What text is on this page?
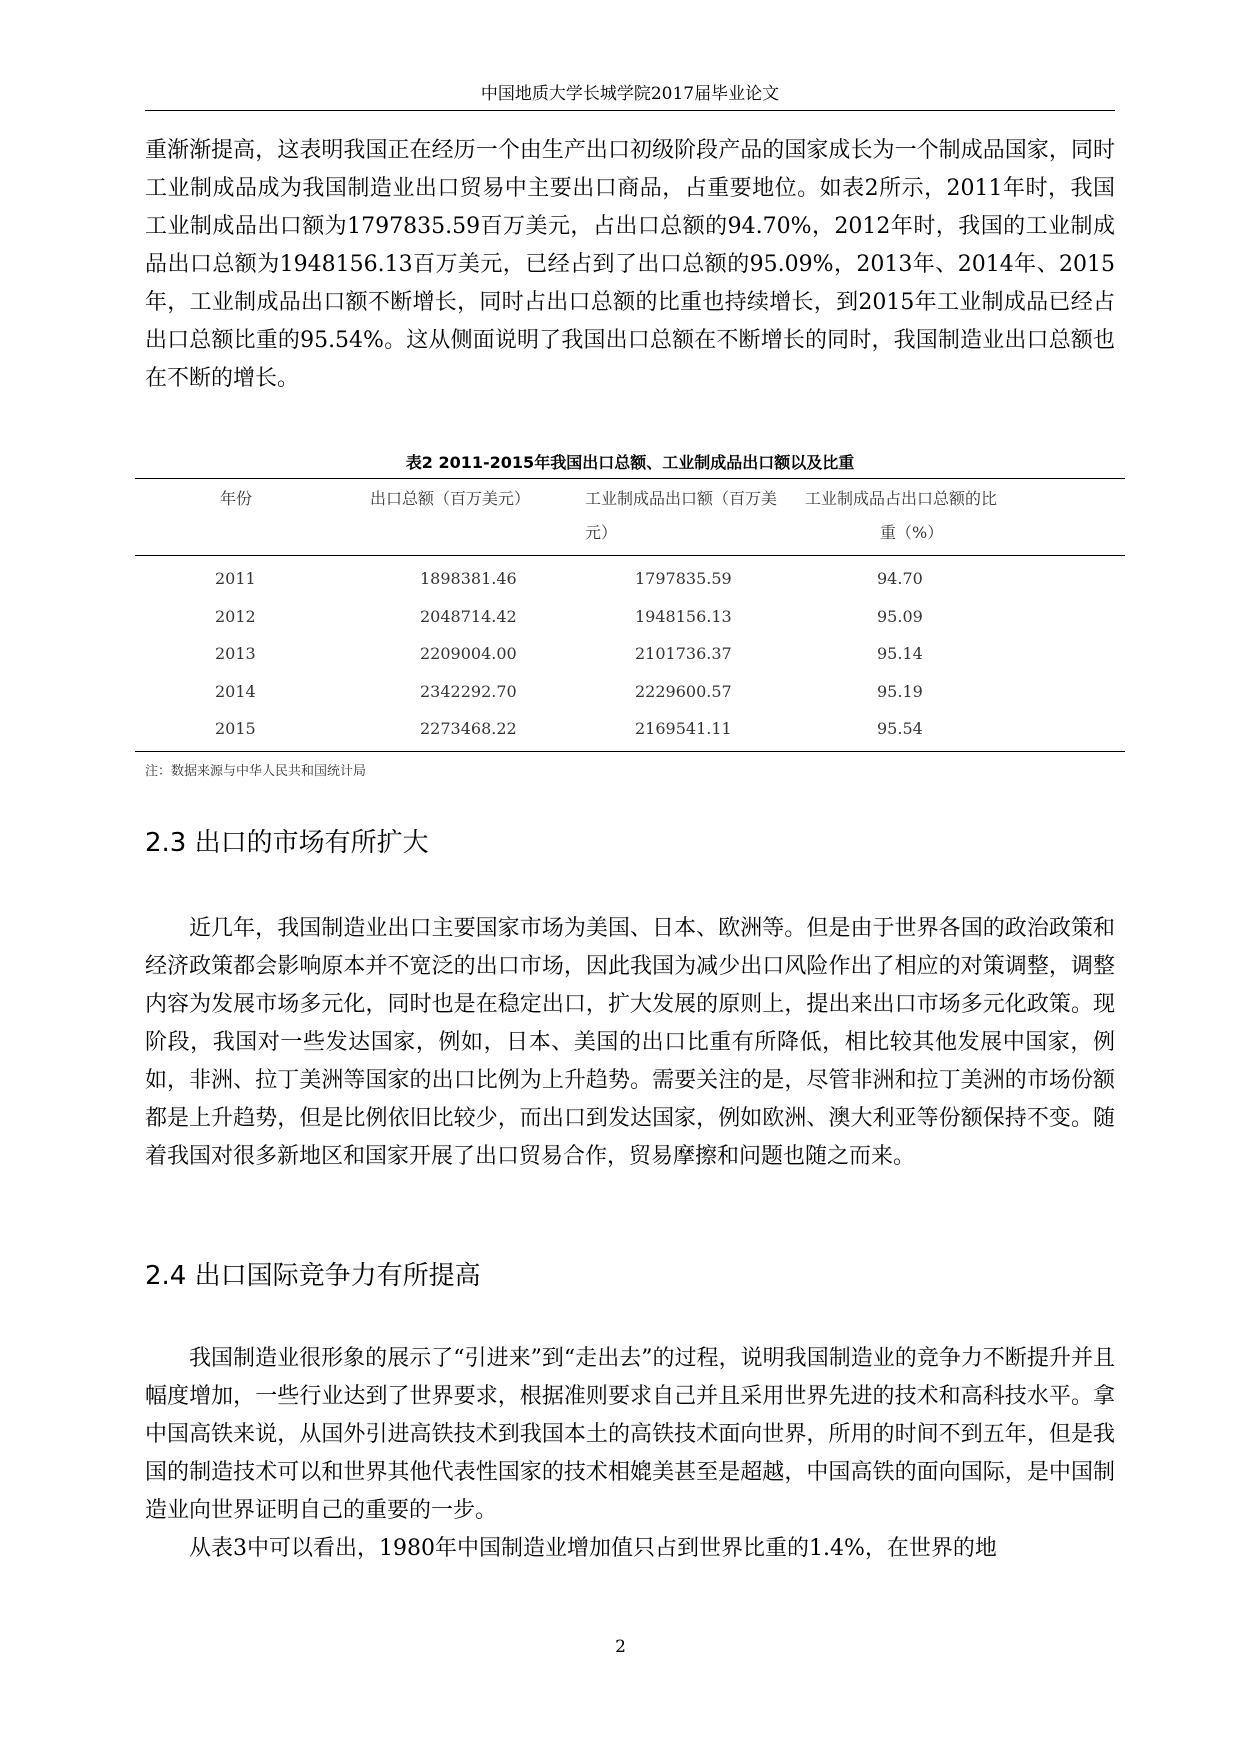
中国地质大学长城学院2017届毕业论文

重渐渐提高，这表明我国正在经历一个由生产出口初级阶段产品的国家成长为一个制成品国家，同时工业制成品成为我国制造业出口贸易中主要出口商品，占重要地位。如表2所示，2011年时，我国工业制成品出口额为1797835.59百万美元，占出口总额的94.70%，2012年时，我国的工业制成品出口总额为1948156.13百万美元，已经占到了出口总额的95.09%，2013年、2014年、2015年，工业制成品出口额不断增长，同时占出口总额的比重也持续增长，到2015年工业制成品已经占出口总额比重的95.54%。这从侧面说明了我国出口总额在不断增长的同时，我国制造业出口总额也在不断的增长。

表2 2011-2015年我国出口总额、工业制成品出口额以及比重
年份	出口总额（百万美元）	工业制成品出口额（百万美
元）
工业制成品占出口总额的比
重（%）
2011	1898381.46	1797835.59	94.70
2012	2048714.42	1948156.13	95.09
2013	2209004.00	2101736.37	95.14
2014	2342292.70	2229600.57	95.19
2015	2273468.22	2169541.11	95.54
注：数据来源与中华人民共和国统计局
2.3 出口的市场有所扩大

近几年，我国制造业出口主要国家市场为美国、日本、欧洲等。但是由于世界各国的政治政策和经济政策都会影响原本并不宽泛的出口市场，因此我国为减少出口风险作出了相应的对策调整，调整内容为发展市场多元化，同时也是在稳定出口，扩大发展的原则上，提出来出口市场多元化政策。现阶段，我国对一些发达国家，例如，日本、美国的出口比重有所降低，相比较其他发展中国家，例如，非洲、拉丁美洲等国家的出口比例为上升趋势。需要关注的是，尽管非洲和拉丁美洲的市场份额都是上升趋势，但是比例依旧比较少，而出口到发达国家，例如欧洲、澳大利亚等份额保持不变。随着我国对很多新地区和国家开展了出口贸易合作，贸易摩擦和问题也随之而来。

2.4 出口国际竞争力有所提高

我国制造业很形象的展示了“引进来”到“走出去”的过程，说明我国制造业的竞争力不断提升并且幅度增加，一些行业达到了世界要求，根据准则要求自己并且采用世界先进的技术和高科技水平。拿中国高铁来说，从国外引进高铁技术到我国本土的高铁技术面向世界，所用的时间不到五年，但是我国的制造技术可以和世界其他代表性国家的技术相媲美甚至是超越，中国高铁的面向国际，是中国制造业向世界证明自己的重要的一步。

从表3中可以看出，1980年中国制造业增加值只占到世界比重的1.4%，在世界的地

2
